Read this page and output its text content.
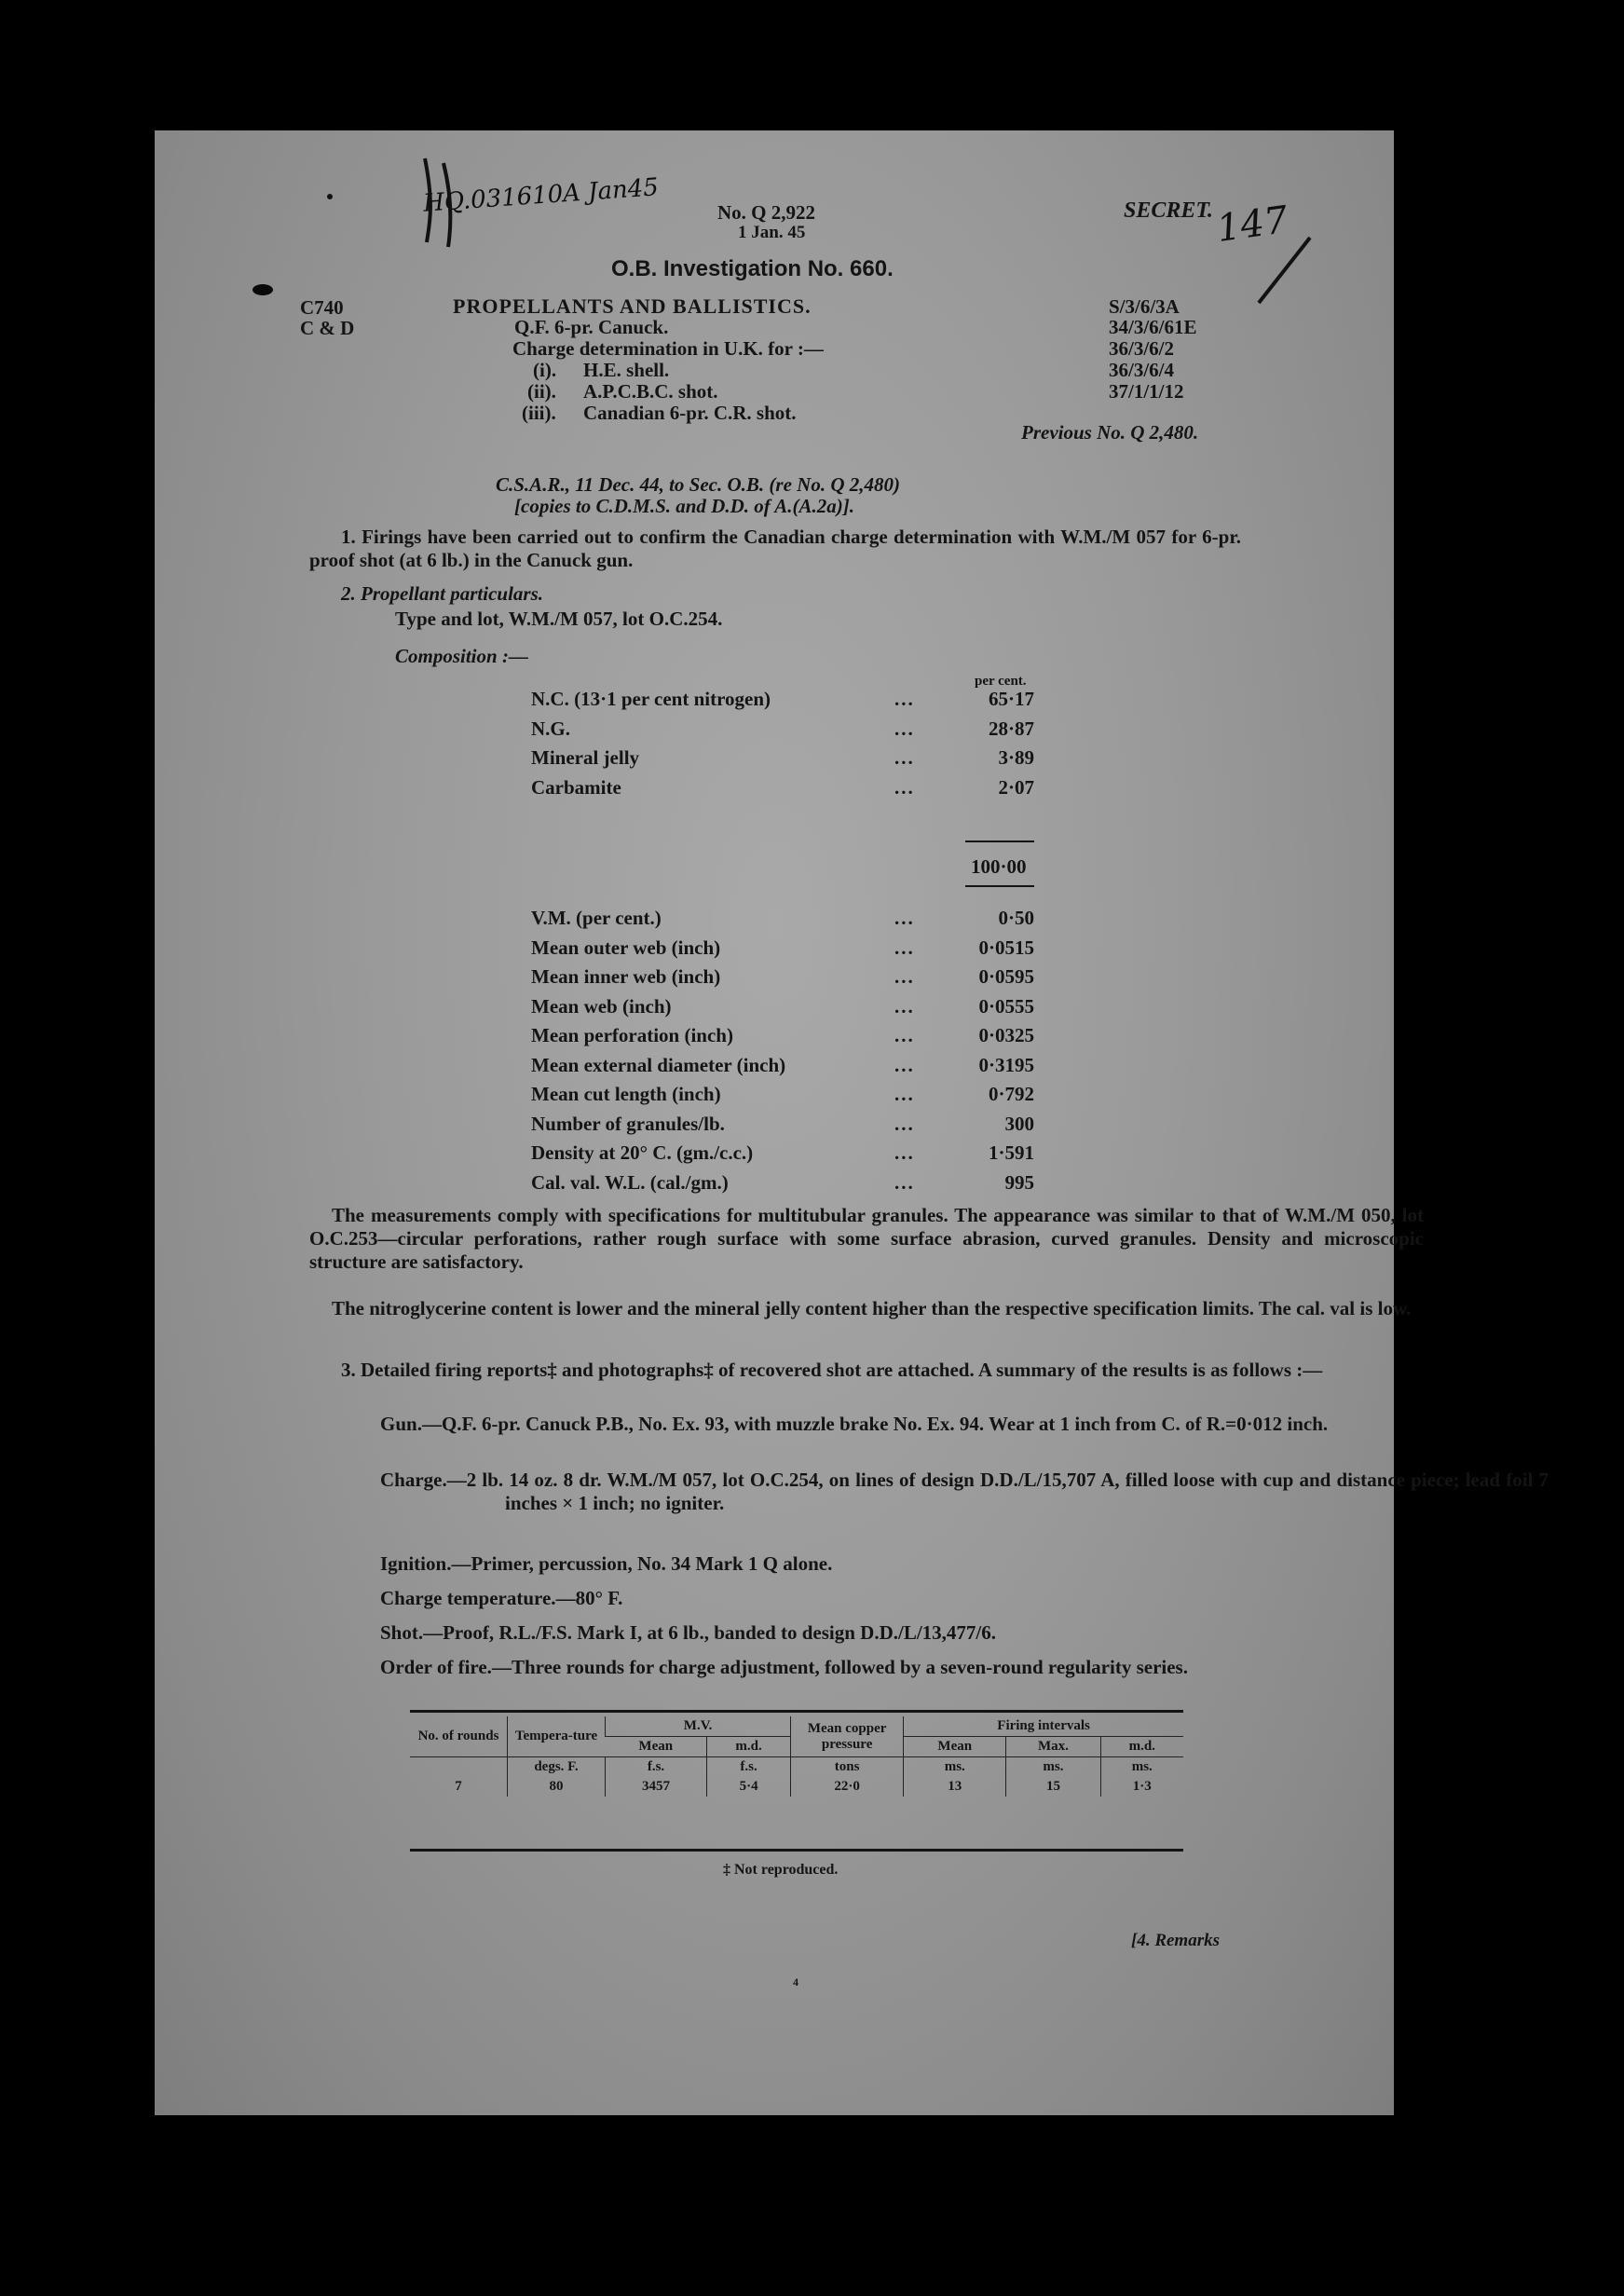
HQ.031610A Jan45
147
No. Q 2,922
1 Jan. 45
SECRET.
O.B. Investigation No. 660.
C740
C & D
PROPELLANTS AND BALLISTICS.
Q.F. 6-pr. Canuck.
Charge determination in U.K. for :—
(i). H.E. shell.
(ii). A.P.C.B.C. shot.
(iii). Canadian 6-pr. C.R. shot.
S/3/6/3A
34/3/6/61E
36/3/6/2
36/3/6/4
37/1/1/12
Previous No. Q 2,480.
C.S.A.R., 11 Dec. 44, to Sec. O.B. (re No. Q 2,480)
[copies to C.D.M.S. and D.D. of A.(A.2a)].

1. Firings have been carried out to confirm the Canadian charge determination with W.M./M 057 for 6-pr. proof shot (at 6 lb.) in the Canuck gun.

2. Propellant particulars.
Type and lot, W.M./M 057, lot O.C.254.
Composition :—
per cent.
N.C. (13·1 per cent nitrogen)	...	65·17
N.G.	...	28·87
Mineral jelly	...	3·89
Carbamite	...	2·07
100·00
V.M. (per cent.)	...	0·50
Mean outer web (inch)	...	0·0515
Mean inner web (inch)	...	0·0595
Mean web (inch)	...	0·0555
Mean perforation (inch)	...	0·0325
Mean external diameter (inch)	...	0·3195
Mean cut length (inch)	...	0·792
Number of granules/lb.	...	300
Density at 20° C. (gm./c.c.)	...	1·591
Cal. val. W.L. (cal./gm.)	...	995

The measurements comply with specifications for multitubular granules. The appearance was similar to that of W.M./M 050, lot O.C.253—circular perforations, rather rough surface with some surface abrasion, curved granules. Density and microscopic structure are satisfactory.

The nitroglycerine content is lower and the mineral jelly content higher than the respective specification limits. The cal. val is low.

3. Detailed firing reports‡ and photographs‡ of recovered shot are attached. A summary of the results is as follows :—

Gun.—Q.F. 6-pr. Canuck P.B., No. Ex. 93, with muzzle brake No. Ex. 94. Wear at 1 inch from C. of R.=0·012 inch.

Charge.—2 lb. 14 oz. 8 dr. W.M./M 057, lot O.C.254, on lines of design D.D./L/15,707 A, filled loose with cup and distance piece; lead foil 7 inches × 1 inch; no igniter.

Ignition.—Primer, percussion, No. 34 Mark 1 Q alone.
Charge temperature.—80° F.
Shot.—Proof, R.L./F.S. Mark I, at 6 lb., banded to design D.D./L/13,477/6.

Order of fire.—Three rounds for charge adjustment, followed by a seven-round regularity series.

No. of rounds	Tempera-ture	M.V.		Mean copper pressure	Firing intervals		
		Mean	m.d.		Mean	Max.	m.d.
	degs. F.	f.s.	f.s.	tons	ms.	ms.	ms.
7	80	3457	5·4	22·0	13	15	1·3
‡ Not reproduced.
[4. Remarks
4
